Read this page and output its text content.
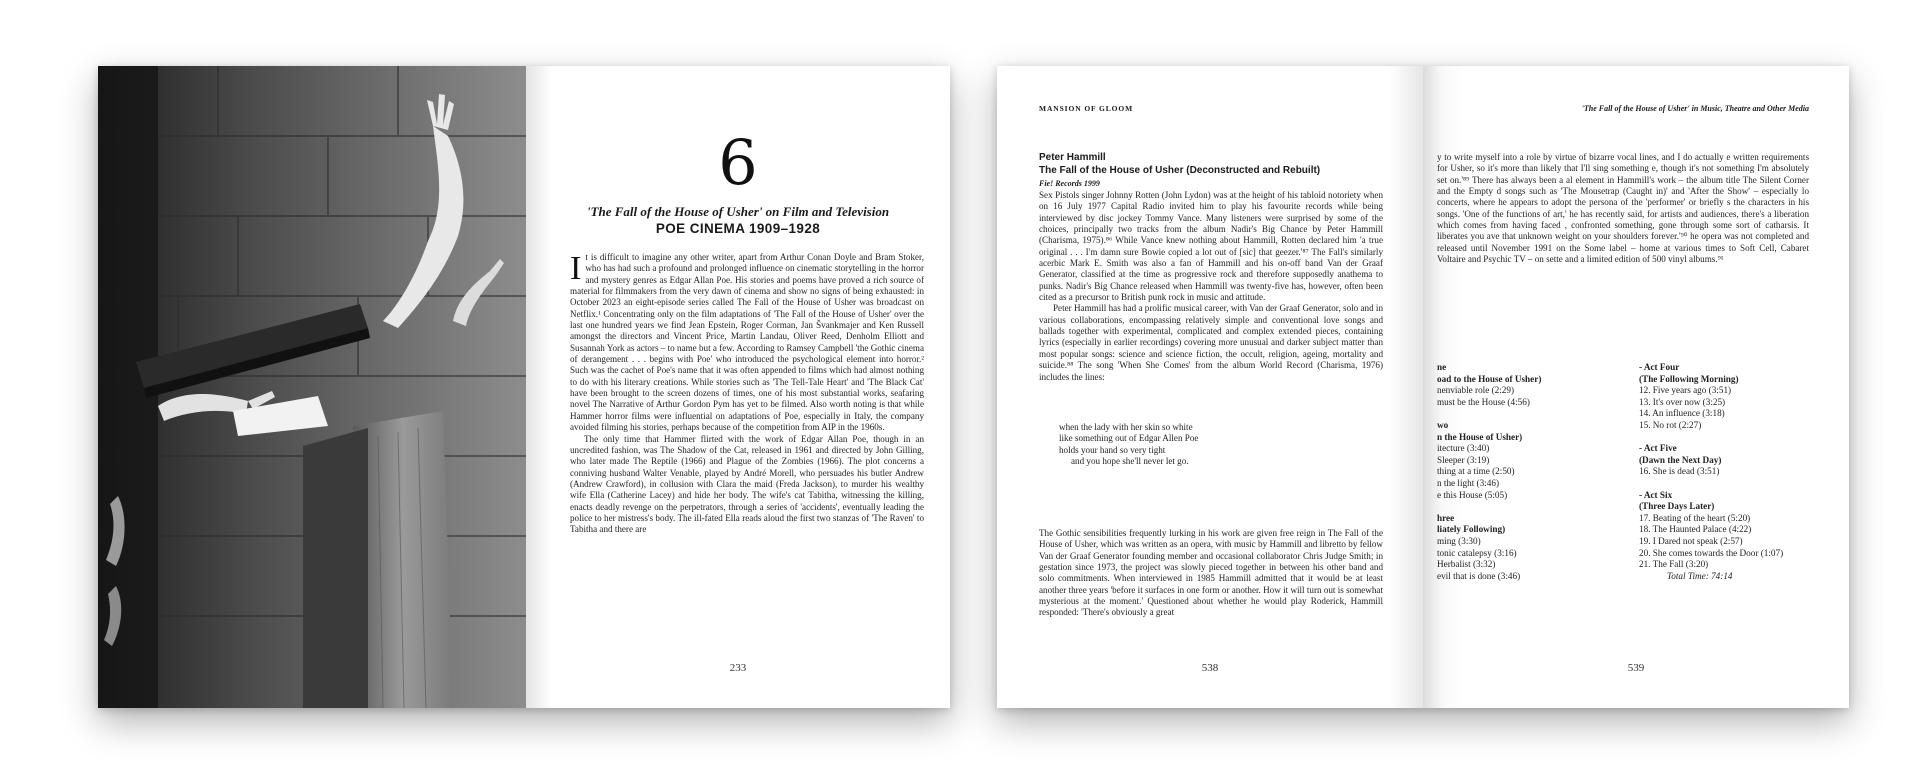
6
'The Fall of the House of Usher' on Film and Television
POE CINEMA 1909–1928

It is difficult to imagine any other writer, apart from Arthur Conan Doyle and Bram Stoker, who has had such a profound and prolonged influence on cinematic storytelling in the horror and mystery genres as Edgar Allan Poe. His stories and poems have proved a rich source of material for filmmakers from the very dawn of cinema and show no signs of being exhausted: in October 2023 an eight-episode series called The Fall of the House of Usher was broadcast on Netflix.¹ Concentrating only on the film adaptations of 'The Fall of the House of Usher' over the last one hundred years we find Jean Epstein, Roger Corman, Jan Švankmajer and Ken Russell amongst the directors and Vincent Price, Martin Landau, Oliver Reed, Denholm Elliott and Susannah York as actors – to name but a few. According to Ramsey Campbell 'the Gothic cinema of derangement . . . begins with Poe' who introduced the psychological element into horror.² Such was the cachet of Poe's name that it was often appended to films which had almost nothing to do with his literary creations. While stories such as 'The Tell-Tale Heart' and 'The Black Cat' have been brought to the screen dozens of times, one of his most substantial works, seafaring novel The Narrative of Arthur Gordon Pym has yet to be filmed. Also worth noting is that while Hammer horror films were influential on adaptations of Poe, especially in Italy, the company avoided filming his stories, perhaps because of the competition from AIP in the 1960s.

The only time that Hammer flirted with the work of Edgar Allan Poe, though in an uncredited fashion, was The Shadow of the Cat, released in 1961 and directed by John Gilling, who later made The Reptile (1966) and Plague of the Zombies (1966). The plot concerns a conniving husband Walter Venable, played by André Morell, who persuades his butler Andrew (Andrew Crawford), in collusion with Clara the maid (Freda Jackson), to murder his wealthy wife Ella (Catherine Lacey) and hide her body. The wife's cat Tabitha, witnessing the killing, enacts deadly revenge on the perpetrators, through a series of 'accidents', eventually leading the police to her mistress's body. The ill-fated Ella reads aloud the first two stanzas of 'The Raven' to Tabitha and there are

233
MANSION OF GLOOM
Peter Hammill
The Fall of the House of Usher (Deconstructed and Rebuilt)
Fie! Records 1999

Sex Pistols singer Johnny Rotten (John Lydon) was at the height of his tabloid notoriety when on 16 July 1977 Capital Radio invited him to play his favourite records while being interviewed by disc jockey Tommy Vance. Many listeners were surprised by some of the choices, principally two tracks from the album Nadir's Big Chance by Peter Hammill (Charisma, 1975).⁸⁶ While Vance knew nothing about Hammill, Rotten declared him 'a true original . . . I'm damn sure Bowie copied a lot out of [sic] that geezer.'⁸⁷ The Fall's similarly acerbic Mark E. Smith was also a fan of Hammill and his on-off band Van der Graaf Generator, classified at the time as progressive rock and therefore supposedly anathema to punks. Nadir's Big Chance released when Hammill was twenty-five has, however, often been cited as a precursor to British punk rock in music and attitude.

Peter Hammill has had a prolific musical career, with Van der Graaf Generator, solo and in various collaborations, encompassing relatively simple and conventional love songs and ballads together with experimental, complicated and complex extended pieces, containing lyrics (especially in earlier recordings) covering more unusual and darker subject matter than most popular songs: science and science fiction, the occult, religion, ageing, mortality and suicide.⁸⁸ The song 'When She Comes' from the album World Record (Charisma, 1976) includes the lines:

when the lady with her skin so white
like something out of Edgar Allen Poe
holds your hand so very tight
and you hope she'll never let go.

The Gothic sensibilities frequently lurking in his work are given free reign in The Fall of the House of Usher, which was written as an opera, with music by Hammill and libretto by fellow Van der Graaf Generator founding member and occasional collaborator Chris Judge Smith; in gestation since 1973, the project was slowly pieced together in between his other band and solo commitments. When interviewed in 1985 Hammill admitted that it would be at least another three years 'before it surfaces in one form or another. How it will turn out is somewhat mysterious at the moment.' Questioned about whether he would play Roderick, Hammill responded: 'There's obviously a great

538
'The Fall of the House of Usher' in Music, Theatre and Other Media

y to write myself into a role by virtue of bizarre vocal lines, and I do actually e written requirements for Usher, so it's more than likely that I'll sing something e, though it's not something I'm absolutely set on.'⁸⁹ There has always been a al element in Hammill's work – the album title The Silent Corner and the Empty d songs such as 'The Mousetrap (Caught in)' and 'After the Show' – especially lo concerts, where he appears to adopt the persona of the 'performer' or briefly s the characters in his songs. 'One of the functions of art,' he has recently said, for artists and audiences, there's a liberation which comes from having faced , confronted something, gone through some sort of catharsis. It liberates you ave that unknown weight on your shoulders forever.'⁹⁰ he opera was not completed and released until November 1991 on the Some label – home at various times to Soft Cell, Cabaret Voltaire and Psychic TV – on sette and a limited edition of 500 vinyl albums.⁹¹

ne
oad to the House of Usher)
nenviable role (2:29)
must be the House (4:56)
wo
n the House of Usher)
itecture (3:40)
Sleeper (3:19)
thing at a time (2:50)
n the light (3:46)
e this House (5:05)
hree
liately Following)
ming (3:30)
tonic catalepsy (3:16)
Herbalist (3:32)
evil that is done (3:46)
- Act Four
(The Following Morning)
12. Five years ago (3:51)
13. It's over now (3:25)
14. An influence (3:18)
15. No rot (2:27)
- Act Five
(Dawn the Next Day)
16. She is dead (3:51)
- Act Six
(Three Days Later)
17. Beating of the heart (5:20)
18. The Haunted Palace (4:22)
19. I Dared not speak (2:57)
20. She comes towards the Door (1:07)
21. The Fall (3:20)
Total Time: 74:14
539
